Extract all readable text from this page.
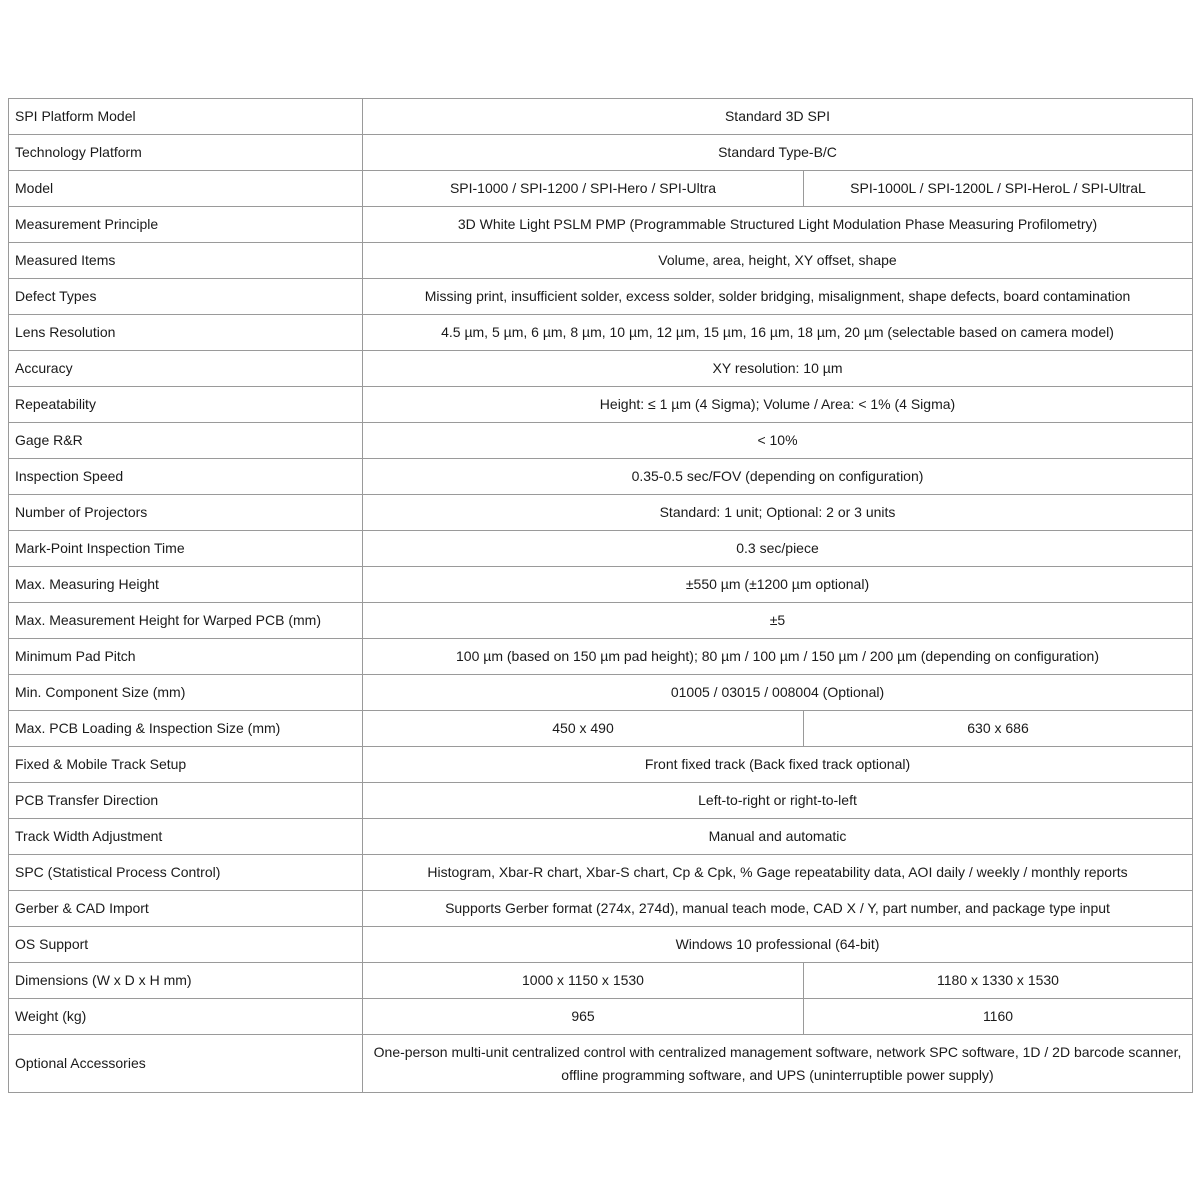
SPI Platform Model	Standard 3D SPI	
Technology Platform	Standard Type-B/C	
Model	SPI-1000 / SPI-1200 / SPI-Hero / SPI-Ultra	SPI-1000L / SPI-1200L / SPI-HeroL / SPI-UltraL
Measurement Principle	3D White Light PSLM PMP (Programmable Structured Light Modulation Phase Measuring Profilometry)	
Measured Items	Volume, area, height, XY offset, shape	
Defect Types	Missing print, insufficient solder, excess solder, solder bridging, misalignment, shape defects, board contamination	
Lens Resolution	4.5 µm, 5 µm, 6 µm, 8 µm, 10 µm, 12 µm, 15 µm, 16 µm, 18 µm, 20 µm (selectable based on camera model)	
Accuracy	XY resolution: 10 µm	
Repeatability	Height: ≤ 1 µm (4 Sigma); Volume / Area: < 1% (4 Sigma)	
Gage R&R	< 10%	
Inspection Speed	0.35-0.5 sec/FOV (depending on configuration)	
Number of Projectors	Standard: 1 unit; Optional: 2 or 3 units	
Mark-Point Inspection Time	0.3 sec/piece	
Max. Measuring Height	±550 µm (±1200 µm optional)	
Max. Measurement Height for Warped PCB (mm)	±5	
Minimum Pad Pitch	100 µm (based on 150 µm pad height); 80 µm / 100 µm / 150 µm / 200 µm (depending on configuration)	
Min. Component Size (mm)	01005 / 03015 / 008004 (Optional)	
Max. PCB Loading & Inspection Size (mm)	450 x 490	630 x 686
Fixed & Mobile Track Setup	Front fixed track (Back fixed track optional)	
PCB Transfer Direction	Left-to-right or right-to-left	
Track Width Adjustment	Manual and automatic	
SPC (Statistical Process Control)	Histogram, Xbar-R chart, Xbar-S chart, Cp & Cpk, % Gage repeatability data, AOI daily / weekly / monthly reports	
Gerber & CAD Import	Supports Gerber format (274x, 274d), manual teach mode, CAD X / Y, part number, and package type input	
OS Support	Windows 10 professional (64-bit)	
Dimensions (W x D x H mm)	1000 x 1150 x 1530	1180 x 1330 x 1530
Weight (kg)	965	1160
Optional Accessories	One-person multi-unit centralized control with centralized management software, network SPC software, 1D / 2D barcode scanner, offline programming software, and UPS (uninterruptible power supply)	
